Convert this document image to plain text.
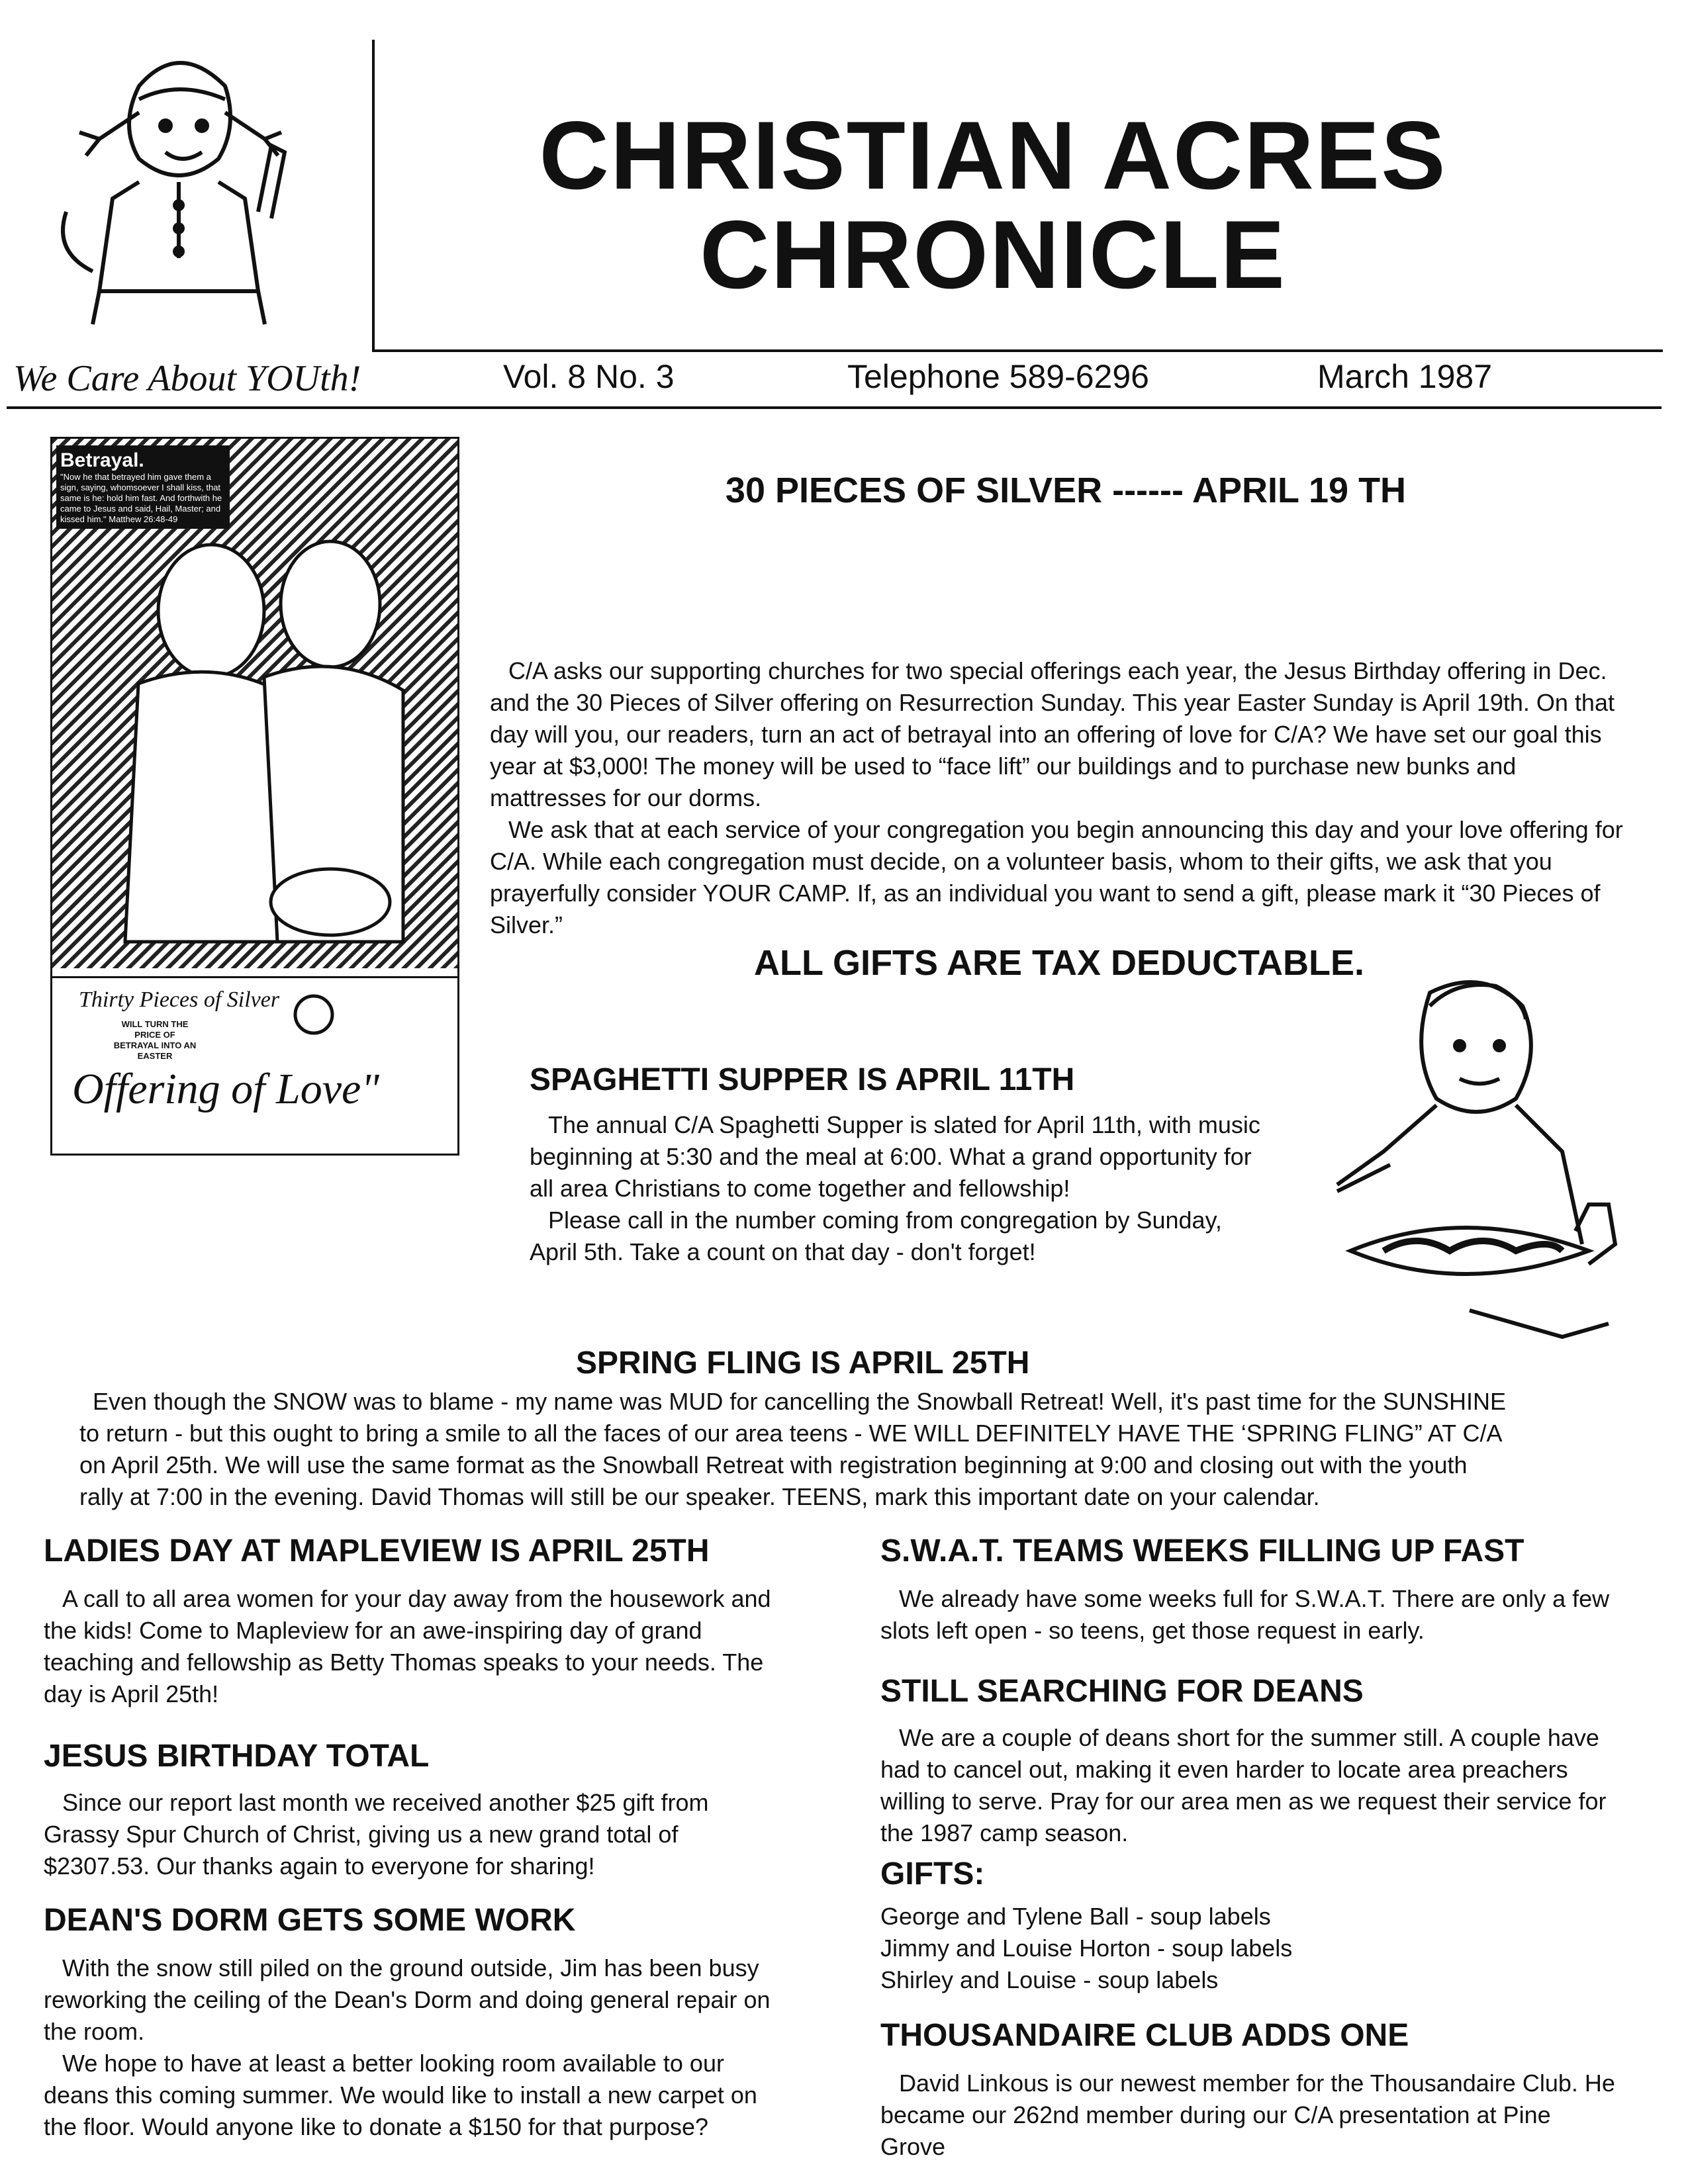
CHRISTIAN ACRES
CHRONICLE
We Care About YOUth!	Vol. 8 No. 3	Telephone 589-6296	March 1987
Betrayal.
"Now he that betrayed him gave them a sign, saying, whomsoever I shall kiss, that same is he: hold him fast. And forthwith he came to Jesus and said, Hail, Master; and kissed him." Matthew 26:48-49
Thirty Pieces of Silver
WILL TURN THE PRICE OF BETRAYAL INTO AN EASTER
Offering of Love"
30 PIECES OF SILVER ------ APRIL 19 TH

C/A asks our supporting churches for two special offerings each year, the Jesus Birthday offering in Dec. and the 30 Pieces of Silver offering on Resurrection Sunday. This year Easter Sunday is April 19th. On that day will you, our readers, turn an act of betrayal into an offering of love for C/A? We have set our goal this year at $3,000! The money will be used to “face lift” our buildings and to purchase new bunks and mattresses for our dorms.

We ask that at each service of your congregation you begin announcing this day and your love offering for C/A. While each congregation must decide, on a volunteer basis, whom to their gifts, we ask that you prayerfully consider YOUR CAMP. If, as an individual you want to send a gift, please mark it “30 Pieces of Silver.”

ALL GIFTS ARE TAX DEDUCTABLE.
SPAGHETTI SUPPER IS APRIL 11TH

The annual C/A Spaghetti Supper is slated for April 11th, with music beginning at 5:30 and the meal at 6:00. What a grand opportunity for all area Christians to come together and fellowship!

Please call in the number coming from congregation by Sunday, April 5th. Take a count on that day - don't forget!

SPRING FLING IS APRIL 25TH

Even though the SNOW was to blame - my name was MUD for cancelling the Snowball Retreat! Well, it's past time for the SUNSHINE to return - but this ought to bring a smile to all the faces of our area teens - WE WILL DEFINITELY HAVE THE ‘SPRING FLING” AT C/A on April 25th. We will use the same format as the Snowball Retreat with registration beginning at 9:00 and closing out with the youth rally at 7:00 in the evening. David Thomas will still be our speaker. TEENS, mark this important date on your calendar.

LADIES DAY AT MAPLEVIEW IS APRIL 25TH

A call to all area women for your day away from the housework and the kids! Come to Mapleview for an awe-inspiring day of grand teaching and fellowship as Betty Thomas speaks to your needs. The day is April 25th!

JESUS BIRTHDAY TOTAL

Since our report last month we received another $25 gift from Grassy Spur Church of Christ, giving us a new grand total of $2307.53. Our thanks again to everyone for sharing!

DEAN'S DORM GETS SOME WORK

With the snow still piled on the ground outside, Jim has been busy reworking the ceiling of the Dean's Dorm and doing general repair on the room.

We hope to have at least a better looking room available to our deans this coming summer. We would like to install a new carpet on the floor. Would anyone like to donate a $150 for that purpose?

S.W.A.T. TEAMS WEEKS FILLING UP FAST

We already have some weeks full for S.W.A.T. There are only a few slots left open - so teens, get those request in early.

STILL SEARCHING FOR DEANS

We are a couple of deans short for the summer still. A couple have had to cancel out, making it even harder to locate area preachers willing to serve. Pray for our area men as we request their service for the 1987 camp season.

GIFTS:
George and Tylene Ball - soup labels
Jimmy and Louise Horton - soup labels
Shirley and Louise - soup labels
THOUSANDAIRE CLUB ADDS ONE

David Linkous is our newest member for the Thousandaire Club. He became our 262nd member during our C/A presentation at Pine Grove
